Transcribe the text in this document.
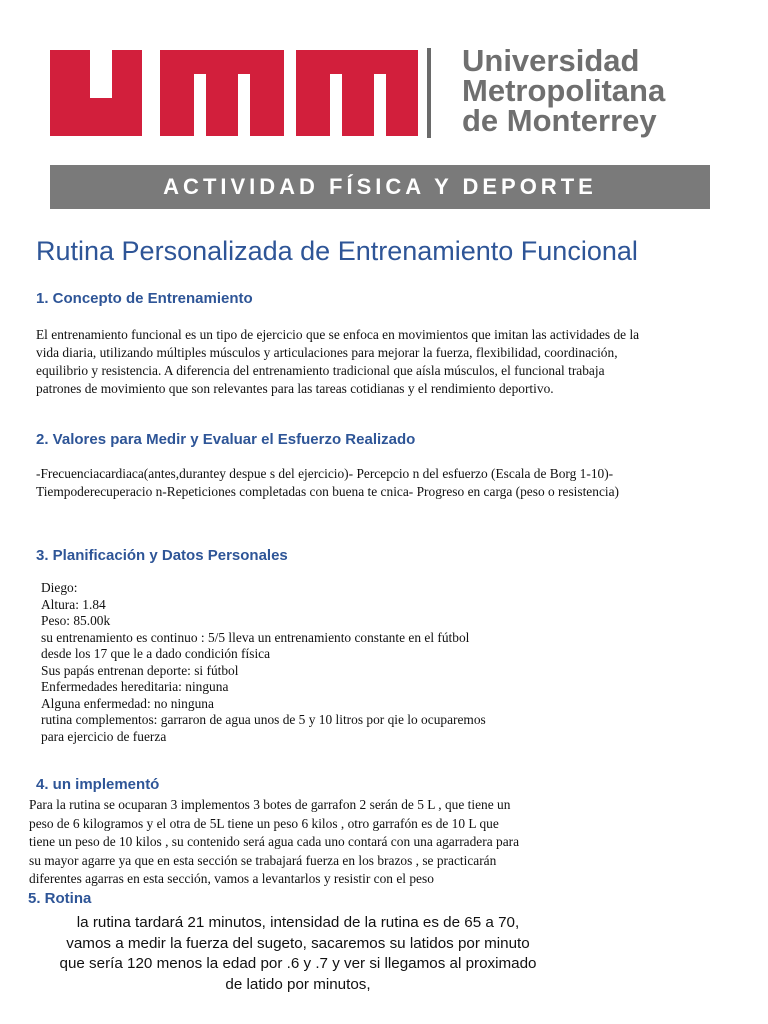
Universidad
Metropolitana
de Monterrey
ACTIVIDAD FÍSICA Y DEPORTE
Rutina Personalizada de Entrenamiento Funcional
1. Concepto de Entrenamiento
El entrenamiento funcional es un tipo de ejercicio que se enfoca en movimientos que imitan las actividades de la
vida diaria, utilizando múltiples músculos y articulaciones para mejorar la fuerza, flexibilidad, coordinación,
equilibrio y resistencia. A diferencia del entrenamiento tradicional que aísla músculos, el funcional trabaja
patrones de movimiento que son relevantes para las tareas cotidianas y el rendimiento deportivo.
2. Valores para Medir y Evaluar el Esfuerzo Realizado
-Frecuenciacardiaca(antes,durantey despue s del ejercicio)- Percepcio n del esfuerzo (Escala de Borg 1-10)-
Tiempoderecuperacio n-Repeticiones completadas con buena te cnica- Progreso en carga (peso o resistencia)
3. Planificación y Datos Personales
Diego:
Altura: 1.84
Peso: 85.00k
su entrenamiento es continuo : 5/5 lleva un entrenamiento constante en el fútbol
desde los 17 que le a dado condición física
Sus papás entrenan deporte: si fútbol
Enfermedades hereditaria: ninguna
Alguna enfermedad: no ninguna
rutina complementos: garraron de agua unos de 5 y 10 litros por qie lo ocuparemos
para ejercicio de fuerza
4. un implementó
Para la rutina se ocuparan 3 implementos 3 botes de garrafon 2 serán de 5 L , que tiene un
peso de 6 kilogramos y el otra de 5L tiene un peso 6 kilos , otro garrafón es de 10 L que
tiene un peso de 10 kilos , su contenido será agua cada uno contará con una agarradera para
su mayor agarre ya que en esta sección se trabajará fuerza en los brazos , se practicarán
diferentes agarras en esta sección, vamos a levantarlos y resistir con el peso
5. Rotina
la rutina tardará 21 minutos, intensidad de la rutina es de 65 a 70,
vamos a medir la fuerza del sugeto, sacaremos su latidos por minuto
que sería 120 menos la edad por .6 y .7 y ver si llegamos al proximado
de latido por minutos,
